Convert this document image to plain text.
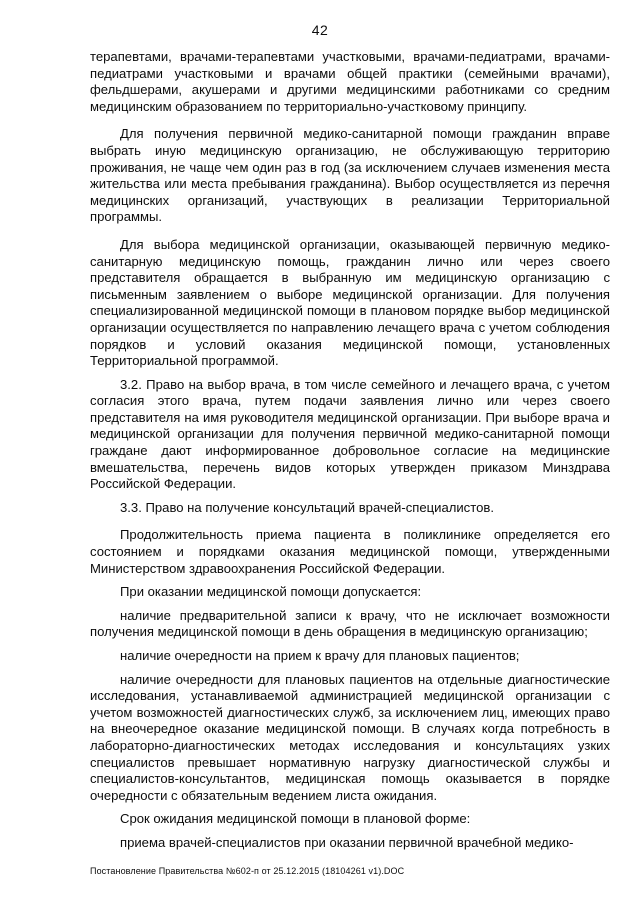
42

терапевтами, врачами-терапевтами участковыми, врачами-педиатрами, врачами-педиатрами участковыми и врачами общей практики (семейными врачами), фельдшерами, акушерами и другими медицинскими работниками со средним медицинским образованием по территориально-участковому принципу.

Для получения первичной медико-санитарной помощи гражданин вправе выбрать иную медицинскую организацию, не обслуживающую территорию проживания, не чаще чем один раз в год (за исключением случаев изменения места жительства или места пребывания гражданина). Выбор осуществляется из перечня медицинских организаций, участвующих в реализации Территориальной программы.

Для выбора медицинской организации, оказывающей первичную медико-санитарную медицинскую помощь, гражданин лично или через своего представителя обращается в выбранную им медицинскую организацию с письменным заявлением о выборе медицинской организации. Для получения специализированной медицинской помощи в плановом порядке выбор медицинской организации осуществляется по направлению лечащего врача с учетом соблюдения порядков и условий оказания медицинской помощи, установленных Территориальной программой.

3.2. Право на выбор врача, в том числе семейного и лечащего врача, с учетом согласия этого врача, путем подачи заявления лично или через своего представителя на имя руководителя медицинской организации. При выборе врача и медицинской организации для получения первичной медико-санитарной помощи граждане дают информированное добровольное согласие на медицинские вмешательства, перечень видов которых утвержден приказом Минздрава Российской Федерации.

3.3. Право на получение консультаций врачей-специалистов.

Продолжительность приема пациента в поликлинике определяется его состоянием и порядками оказания медицинской помощи, утвержденными Министерством здравоохранения Российской Федерации.

При оказании медицинской помощи допускается:

наличие предварительной записи к врачу, что не исключает возможности получения медицинской помощи в день обращения в медицинскую организацию;

наличие очередности на прием к врачу для плановых пациентов;

наличие очередности для плановых пациентов на отдельные диагностические исследования, устанавливаемой администрацией медицинской организации с учетом возможностей диагностических служб, за исключением лиц, имеющих право на внеочередное оказание медицинской помощи. В случаях когда потребность в лабораторно-диагностических методах исследования и консультациях узких специалистов превышает нормативную нагрузку диагностической службы и специалистов-консультантов, медицинская помощь оказывается в порядке очередности с обязательным ведением листа ожидания.

Срок ожидания медицинской помощи в плановой форме:

приема врачей-специалистов при оказании первичной врачебной медико-

Постановление Правительства №602-п от 25.12.2015 (18104261 v1).DOC
